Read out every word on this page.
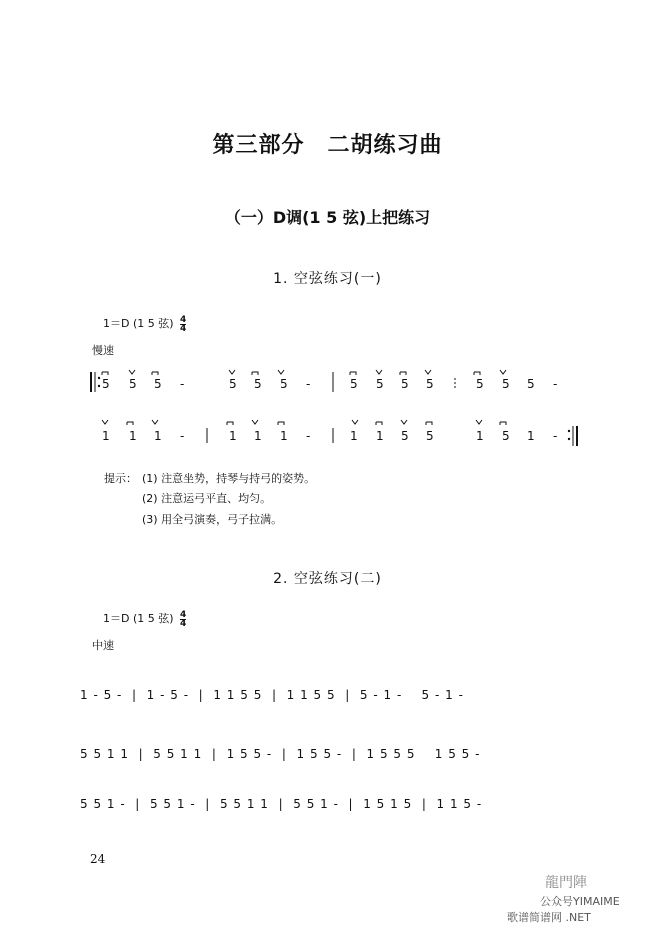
第三部分　二胡练习曲
（一）D调(1 5 弦)上把练习
1. 空弦练习(一)
1＝D (1 5 弦) $\frac{4}{4}$
慢速
5 5 5 -	5 5 5 -	5 5 5 5	5 5 5 -
1 1 1 -	1 1 1 -	1 1 5 5	1 5 1 -
提示： (1) 注意坐势，持琴与持弓的姿势。
(2) 注意运弓平直、均匀。
(3) 用全弓演奏，弓子拉满。
2. 空弦练习(二)
1＝D (1 5 弦) $\frac{4}{4}$
中速
1 - 5 -  |  1 - 5 -  |  1 1 5 5  |  1 1 5 5  |  5 - 1 -    5 - 1 -
5 5 1 1  |  5 5 1 1  |  1 5 5 -  |  1 5 5 -  |  1 5 5 5    1 5 5 -
5 5 1 -  |  5 5 1 -  |  5 5 1 1  |  5 5 1 -  |  1 5 1 5  |  1 1 5 -
24
龍門陣
公众号YIMAIME
歌谱简谱网 .NET
